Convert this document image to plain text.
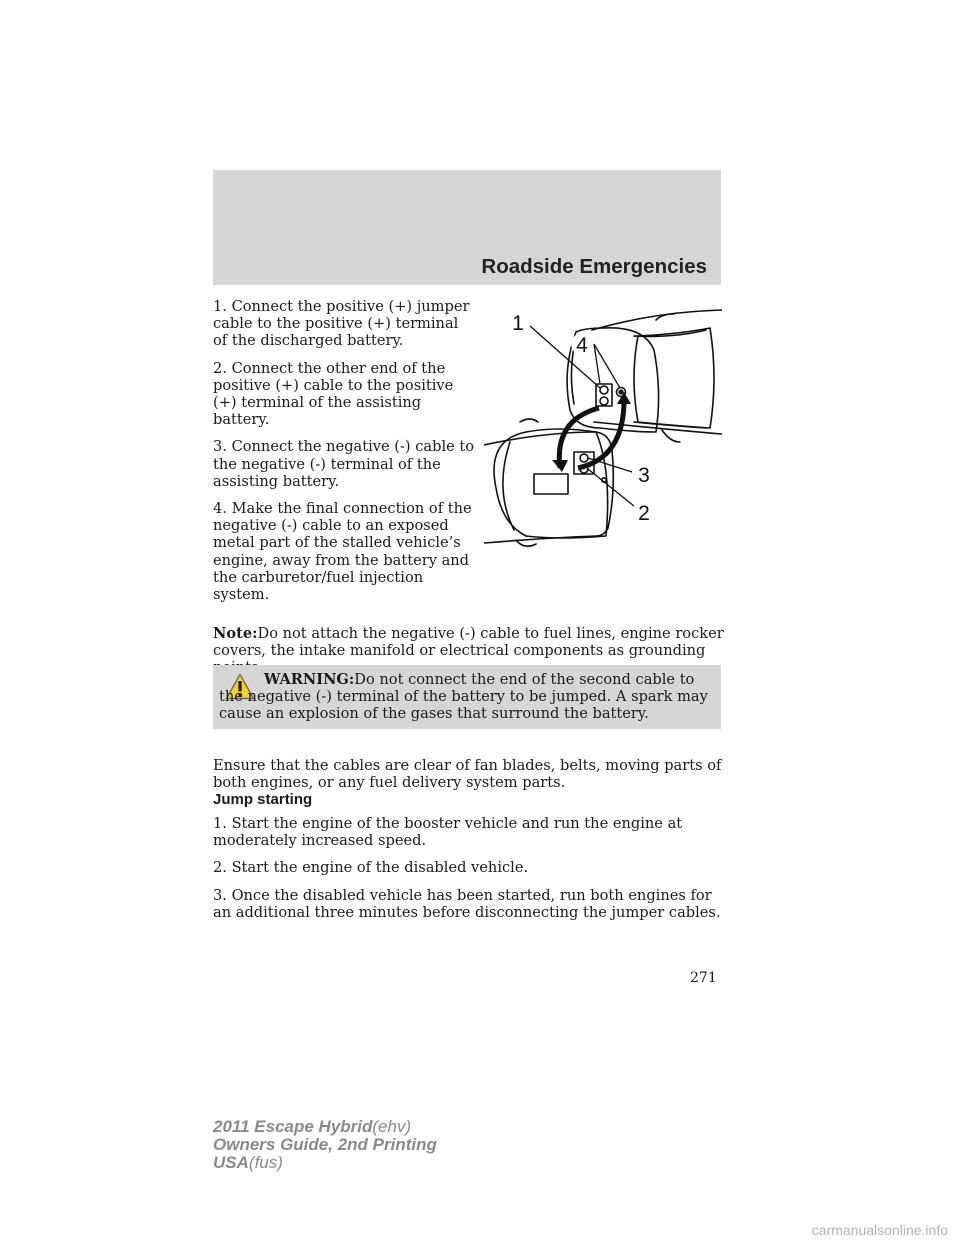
Roadside Emergencies

1. Connect the positive (+) jumper cable to the positive (+) terminal of the discharged battery.

2. Connect the other end of the positive (+) cable to the positive (+) terminal of the assisting battery.

3. Connect the negative (-) cable to the negative (-) terminal of the assisting battery.

4. Make the final connection of the negative (-) cable to an exposed metal part of the stalled vehicle’s engine, away from the battery and the carburetor/fuel injection system.

1
4
3
2

Note:Do not attach the negative (-) cable to fuel lines, engine rocker covers, the intake manifold or electrical components as grounding

WARNING:Do not connect the end of the second cable to the negative (-) terminal of the battery to be jumped. A spark may cause an explosion of the gases that surround the battery.

Ensure that the cables are clear of fan blades, belts, moving parts of both engines, or any fuel delivery system parts.

Jump starting

1. Start the engine of the booster vehicle and run the engine at moderately increased speed.

2. Start the engine of the disabled vehicle.

3. Once the disabled vehicle has been started, run both engines for an additional three minutes before disconnecting the jumper cables.

271
2011 Escape Hybrid(ehv)
Owners Guide, 2nd Printing
USA(fus)
carmanualsonline.info
